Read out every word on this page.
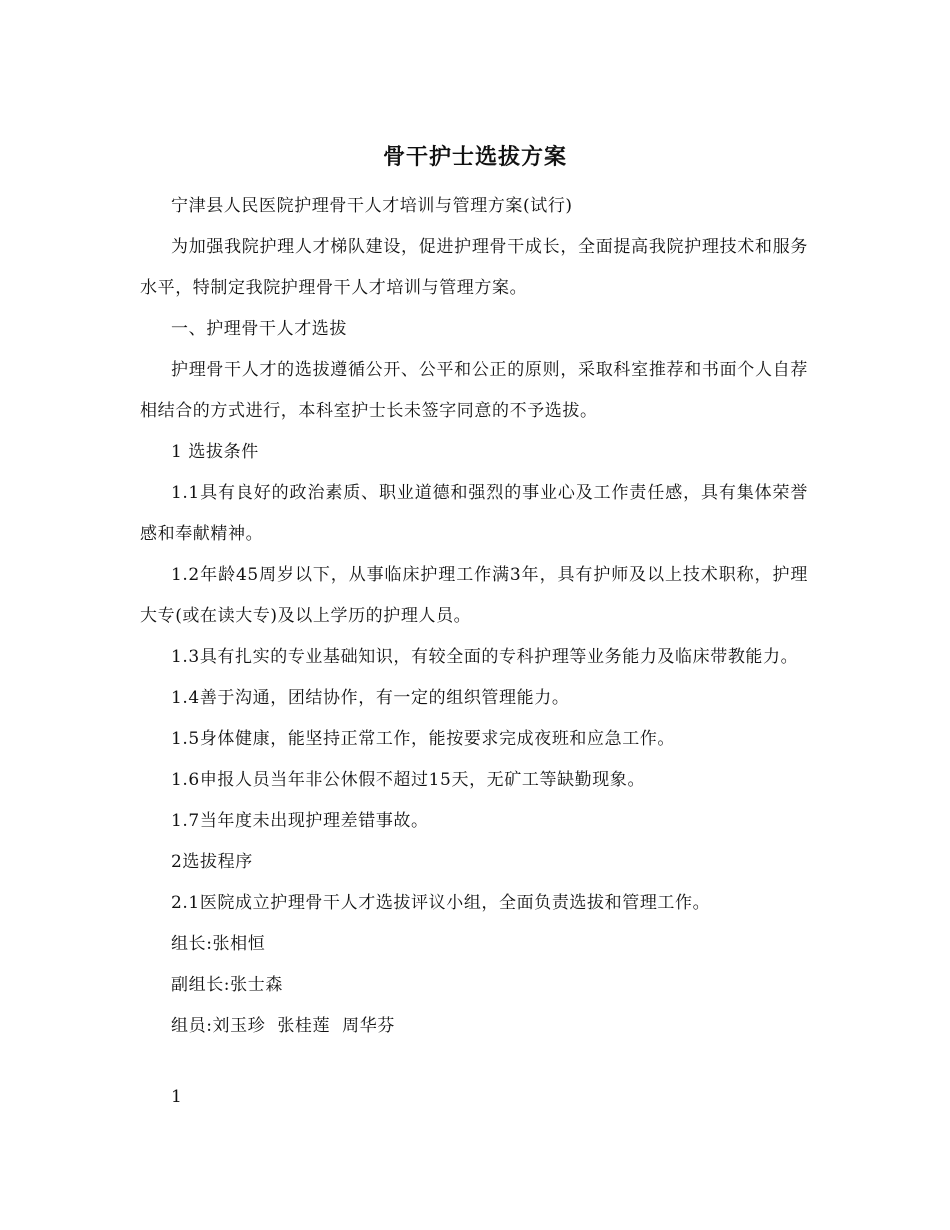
骨干护士选拔方案

宁津县人民医院护理骨干人才培训与管理方案(试行)

为加强我院护理人才梯队建设，促进护理骨干成长，全面提高我院护理技术和服务水平，特制定我院护理骨干人才培训与管理方案。

一、护理骨干人才选拔

护理骨干人才的选拔遵循公开、公平和公正的原则，采取科室推荐和书面个人自荐相结合的方式进行，本科室护士长未签字同意的不予选拔。

1 选拔条件

1.1具有良好的政治素质、职业道德和强烈的事业心及工作责任感，具有集体荣誉感和奉献精神。

1.2年龄45周岁以下，从事临床护理工作满3年，具有护师及以上技术职称，护理大专(或在读大专)及以上学历的护理人员。

1.3具有扎实的专业基础知识，有较全面的专科护理等业务能力及临床带教能力。

1.4善于沟通，团结协作，有一定的组织管理能力。

1.5身体健康，能坚持正常工作，能按要求完成夜班和应急工作。

1.6申报人员当年非公休假不超过15天，无矿工等缺勤现象。

1.7当年度未出现护理差错事故。

2选拔程序

2.1医院成立护理骨干人才选拔评议小组，全面负责选拔和管理工作。

组长:张相恒

副组长:张士森

组员:刘玉珍  张桂莲  周华芬

1
